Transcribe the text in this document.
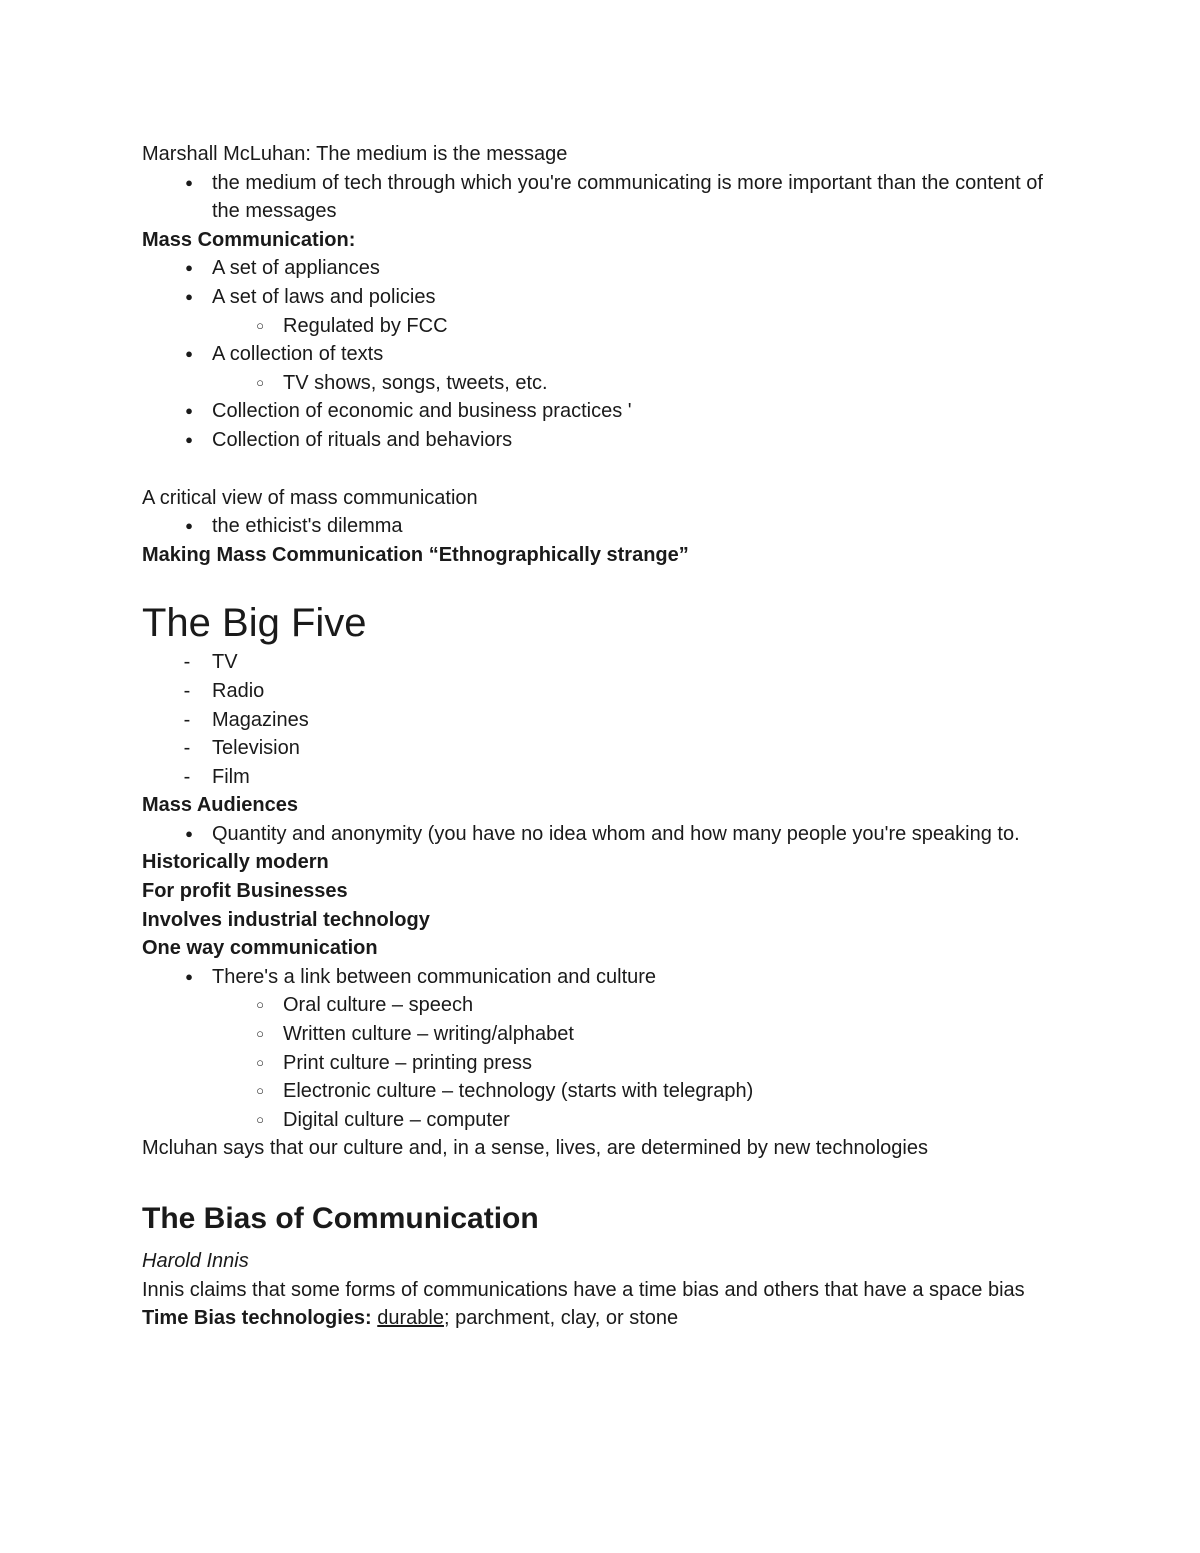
Marshall McLuhan: The medium is the message

● the medium of tech through which you're communicating is more important than the content of the messages

Mass Communication:

● A set of appliances
● A set of laws and policies
○ Regulated by FCC
● A collection of texts
○ TV shows, songs, tweets, etc.
● Collection of economic and business practices '
● Collection of rituals and behaviors

A critical view of mass communication

● the ethicist's dilemma

Making Mass Communication “Ethnographically strange”

The Big Five
-	TV
-	Radio
-	Magazines
-	Television
-	Film

Mass Audiences

● Quantity and anonymity (you have no idea whom and how many people you're speaking to.

Historically modern

For profit Businesses

Involves industrial technology

One way communication

● There's a link between communication and culture
○ Oral culture – speech
○ Written culture – writing/alphabet
○ Print culture – printing press
○ Electronic culture – technology (starts with telegraph)
○ Digital culture – computer

Mcluhan says that our culture and, in a sense, lives, are determined by new technologies

The Bias of Communication

Harold Innis

Innis claims that some forms of communications have a time bias and others that have a space bias

Time Bias technologies: durable; parchment, clay, or stone
